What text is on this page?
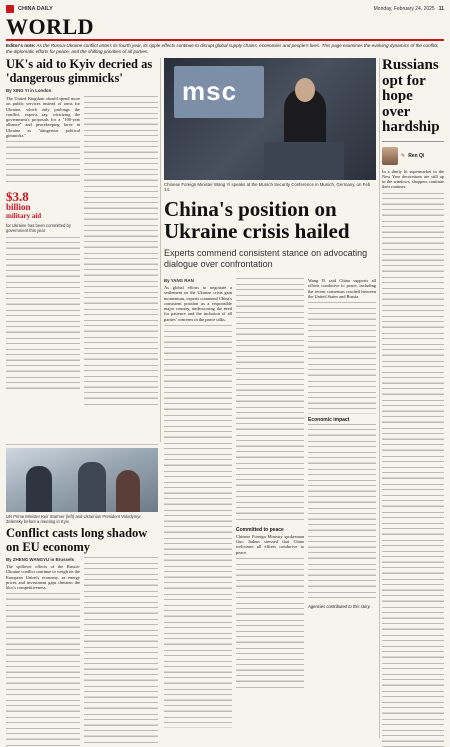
CHINA DAILY	Monday, February 24, 2025 11
WORLD
Editor's note: As the Russia-Ukraine conflict enters its fourth year, its ripple effects continue to disrupt global supply chains, economies and people's lives. This page examines the evolving dynamics of the conflict, the diplomatic efforts for peace, and the shifting priorities of all parties.
UK's aid to Kyiv decried as 'dangerous gimmicks'
By XING YI in London

The United Kingdom should spend more on public services instead of arms for Ukraine, which only prolongs the conflict, experts say, criticizing the government's proposals for a "100-year alliance" and peacekeeping force in Ukraine as "dangerous political gimmicks."

$3.8
billion
military aid
for Ukraine has been committed by government this year
msc
Chinese Foreign Minister Wang Yi speaks at the Munich Security Conference in Munich, Germany, on Feb 14.
China's position on Ukraine crisis hailed
Experts commend consistent stance on advocating dialogue over confrontation
By YANG RAN

As global efforts to negotiate a settlement on the Ukraine crisis gain momentum, experts commend China's consistent position as a responsible major country, underscoring the need for patience and the inclusion of all parties' concerns in the peace talks.

Committed to peace

Chinese Foreign Ministry spokesman Guo Jiakun stressed that China welcomes all efforts conducive to peace.

Wang Yi said China supports all efforts conducive to peace, including the recent consensus reached between the United States and Russia.

Economic impact
Agencies contributed to this story.
Russians opt for hope over hardship
✎ Ren Qi

In a dimly lit supermarket in the New Year decorations are still up in the windows, shoppers continue their routines.

UN Prime Minister Keir Starmer (left) and Ukrainian President Volodymyr Zelensky before a meeting in Kyiv.
Conflict casts long shadow on EU economy
By ZHENG WANGYU in Brussels

The spillover effects of the Russia-Ukraine conflict continue to weigh on the European Union's economy, as energy prices and investment gaps threaten the bloc's competitiveness.
